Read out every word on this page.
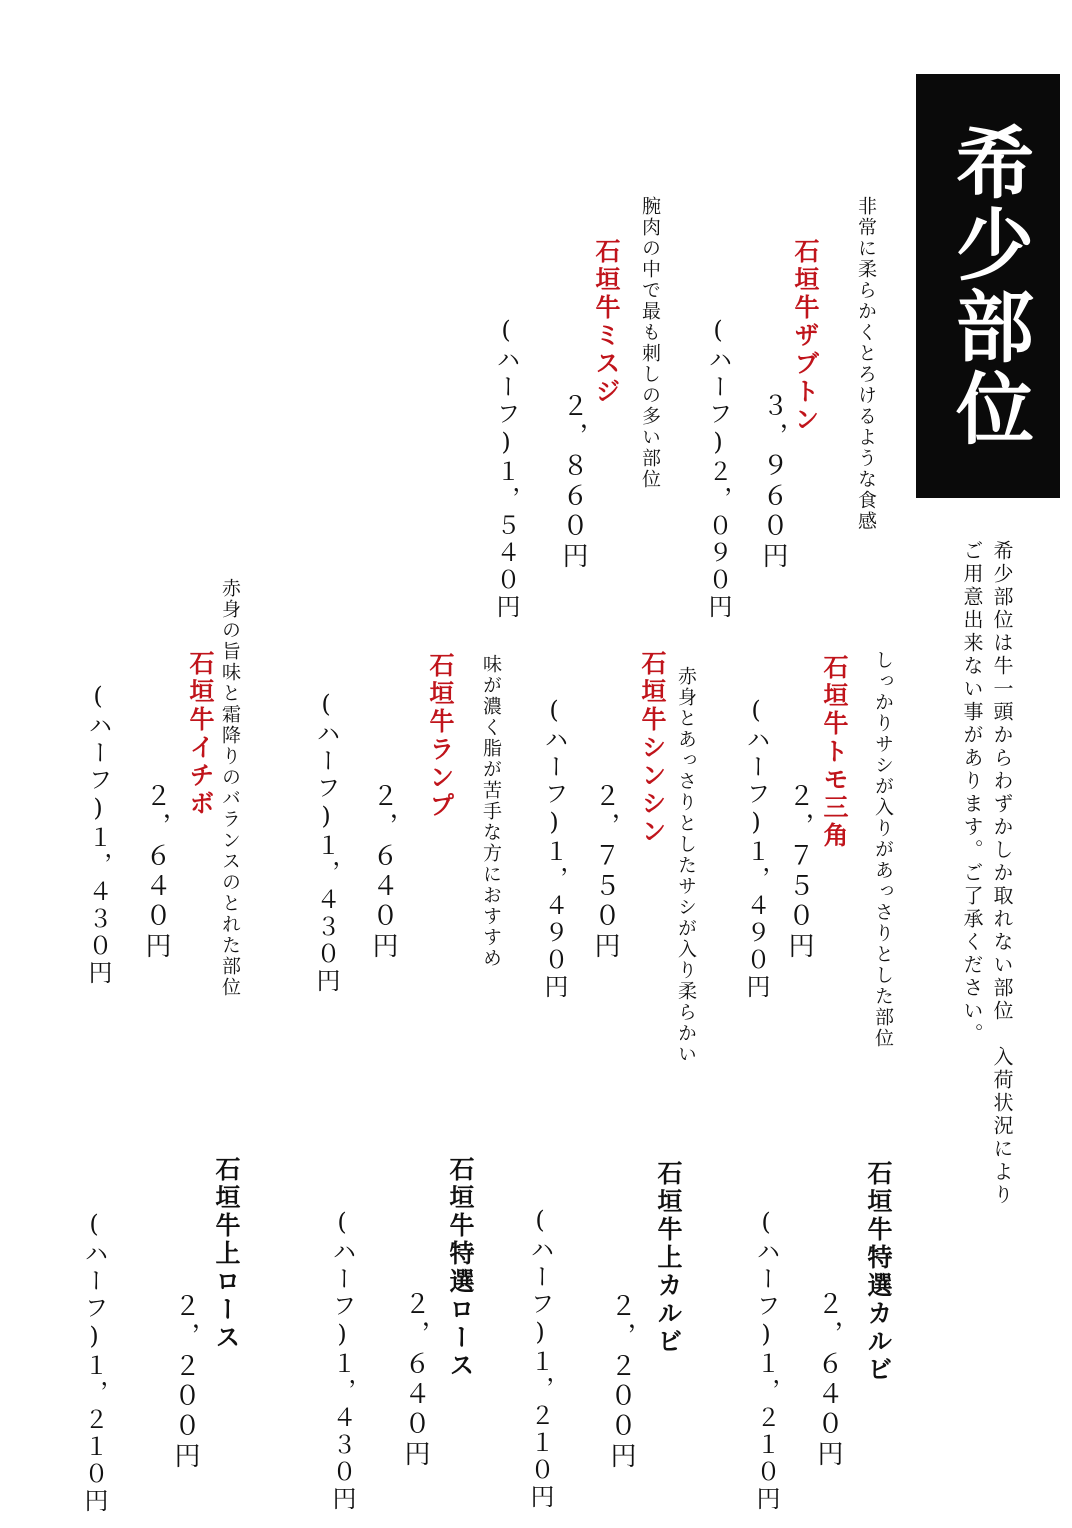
希少部位
希少部位は牛一頭からわずかしか取れない部位　入荷状況により
ご用意出来ない事があります。ご了承ください。
非常に柔らかくとろけるような食感
石垣牛ザブトン
３，９６０円
(ハーフ)２，０９０円
腕肉の中で最も刺しの多い部位
石垣牛ミスジ
２，８６０円
(ハーフ)１，５４０円
しっかりサシが入りがあっさりとした部位
石垣牛トモ三角
２，７５０円
(ハーフ)１，４９０円
赤身とあっさりとしたサシが入り柔らかい
石垣牛シンシン
２，７５０円
(ハーフ)１，４９０円
味が濃く脂が苦手な方におすすめ
石垣牛ランプ
２，６４０円
(ハーフ)１，４３０円
赤身の旨味と霜降りのバランスのとれた部位
石垣牛イチボ
２，６４０円
(ハーフ)１，４３０円
石垣牛特選カルビ
２，６４０円
(ハーフ)１，２１０円
石垣牛上カルビ
２，２００円
(ハーフ)１，２１０円
石垣牛特選ロース
２，６４０円
(ハーフ)１，４３０円
石垣牛上ロース
２，２００円
(ハーフ)１，２１０円
